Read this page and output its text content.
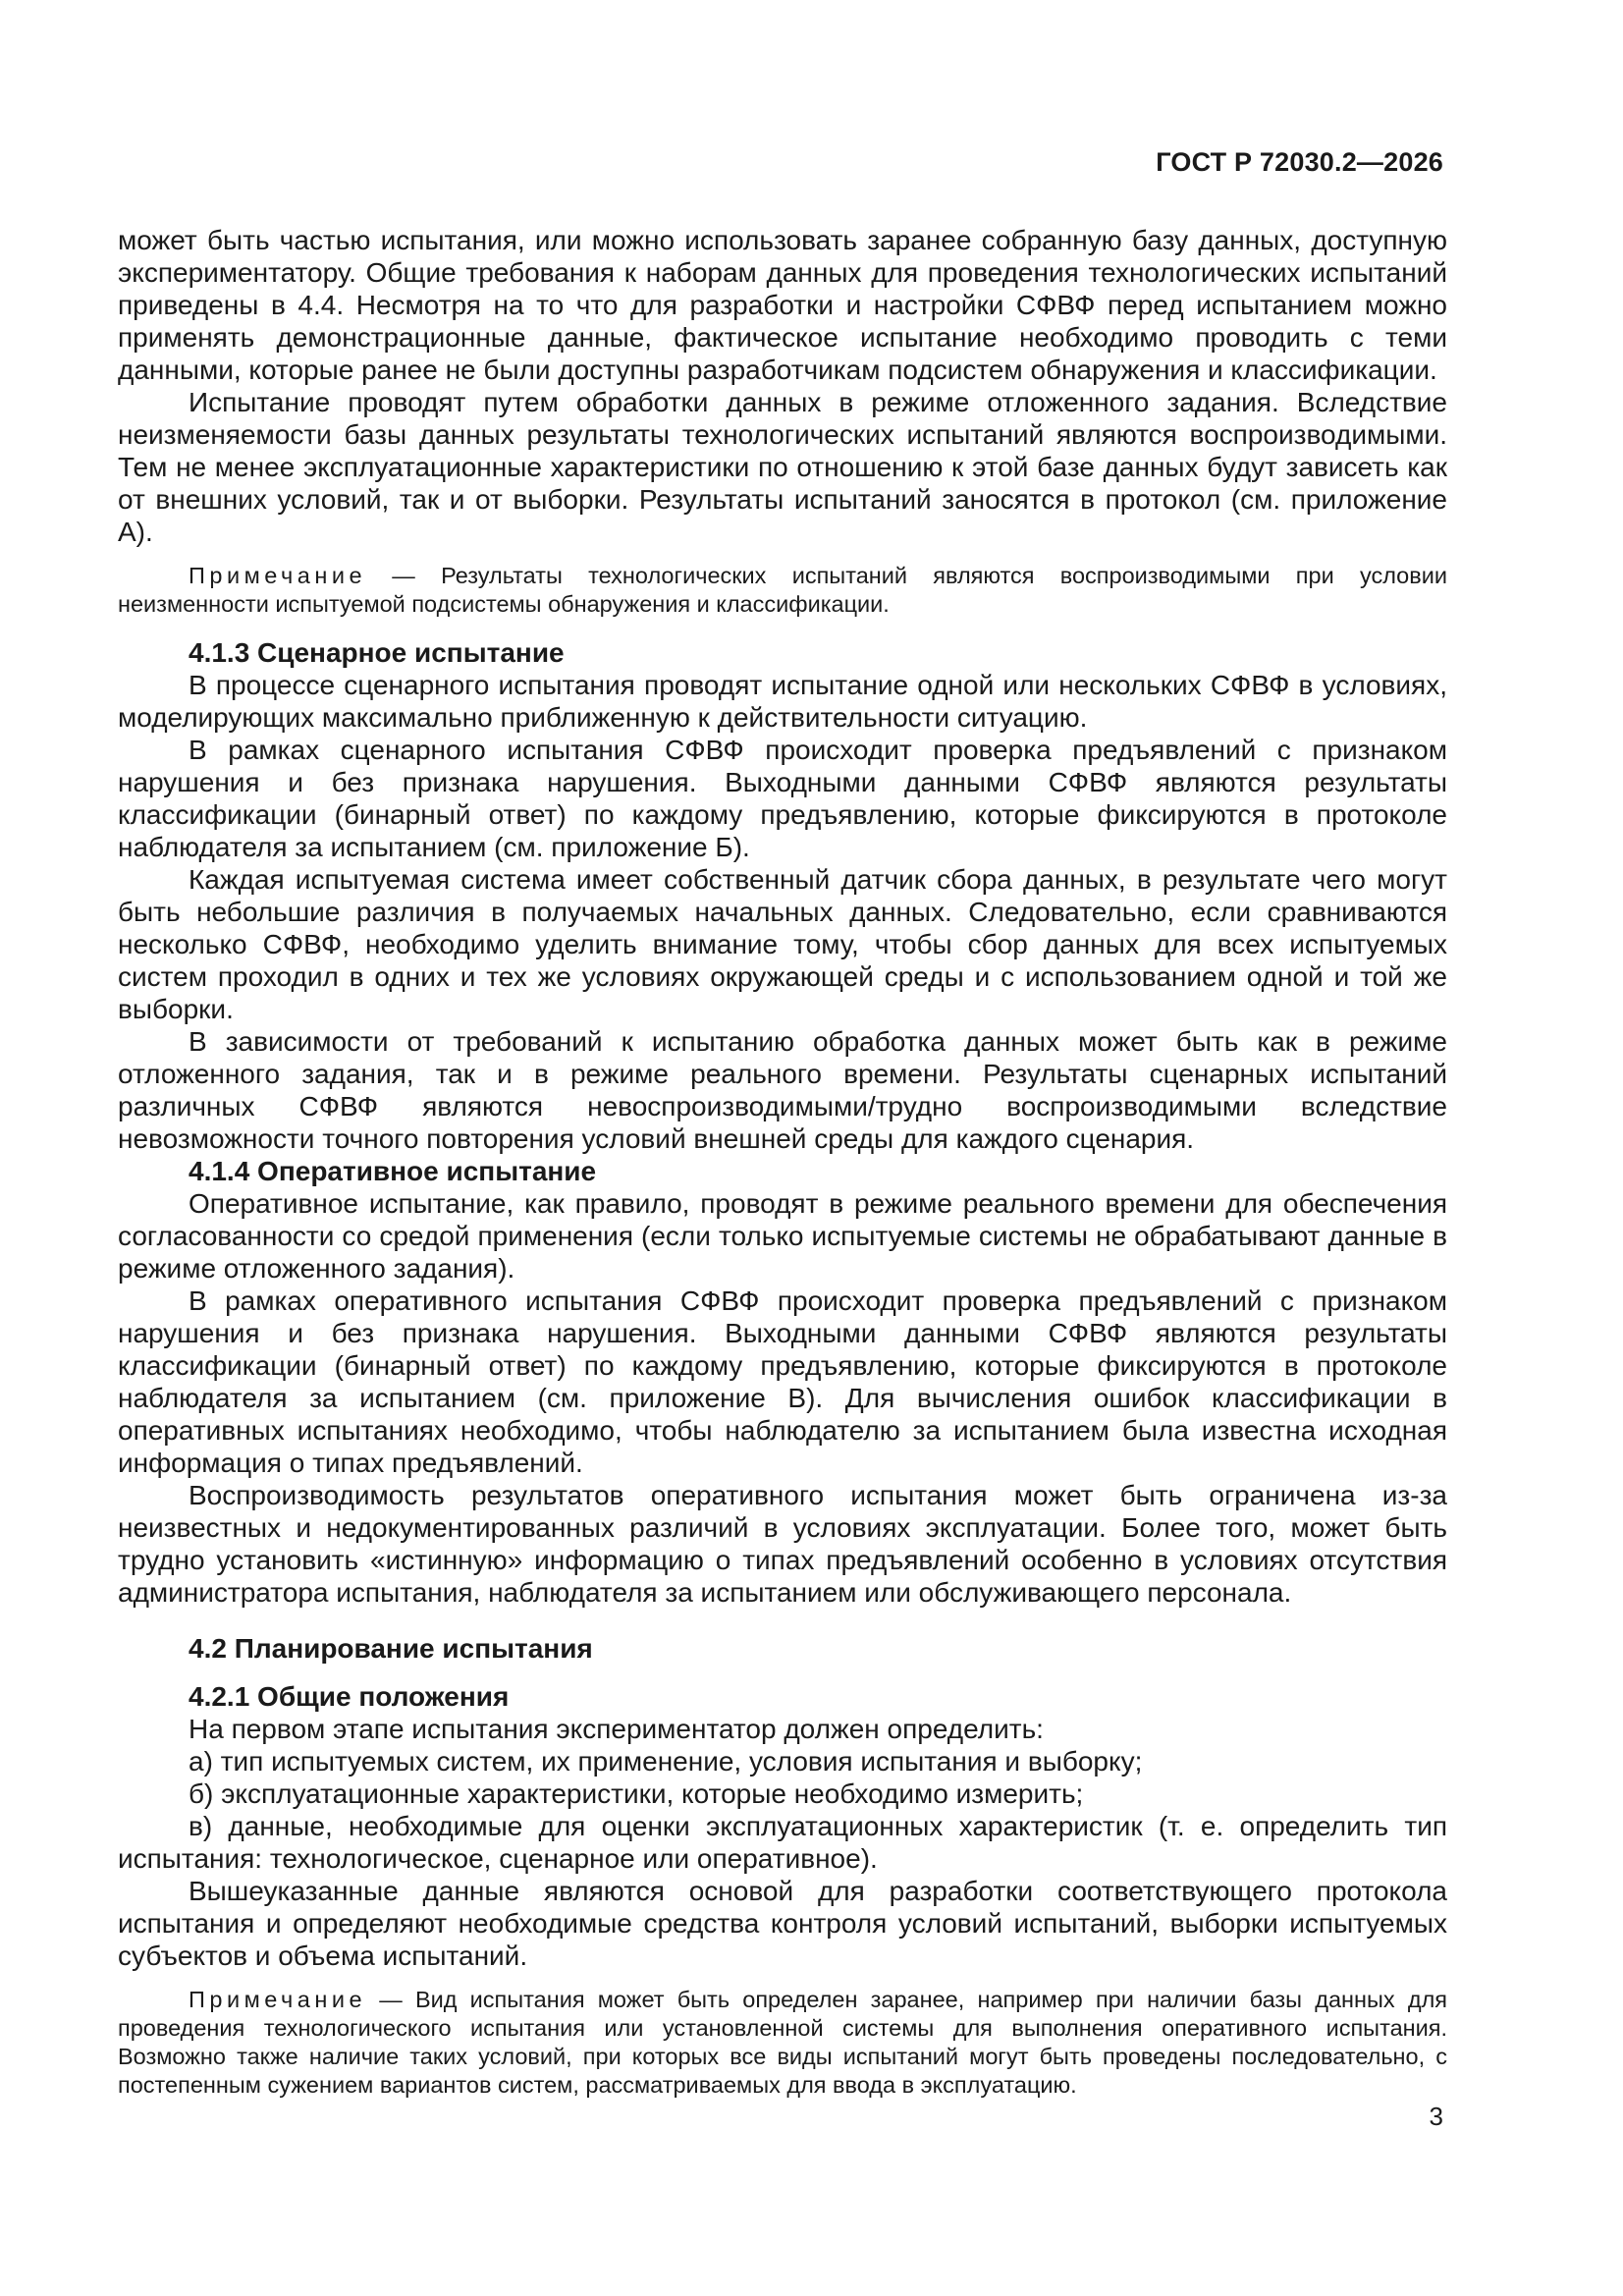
ГОСТ Р 72030.2—2026

может быть частью испытания, или можно использовать заранее собранную базу данных, доступную экспериментатору. Общие требования к наборам данных для проведения технологических испытаний приведены в 4.4. Несмотря на то что для разработки и настройки СФВФ перед испытанием можно применять демонстрационные данные, фактическое испытание необходимо проводить с теми данными, которые ранее не были доступны разработчикам подсистем обнаружения и классификации.

Испытание проводят путем обработки данных в режиме отложенного задания. Вследствие неизменяемости базы данных результаты технологических испытаний являются воспроизводимыми. Тем не менее эксплуатационные характеристики по отношению к этой базе данных будут зависеть как от внешних условий, так и от выборки. Результаты испытаний заносятся в протокол (см. приложение А).

Примечание — Результаты технологических испытаний являются воспроизводимыми при условии неизменности испытуемой подсистемы обнаружения и классификации.

4.1.3 Сценарное испытание

В процессе сценарного испытания проводят испытание одной или нескольких СФВФ в условиях, моделирующих максимально приближенную к действительности ситуацию.

В рамках сценарного испытания СФВФ происходит проверка предъявлений с признаком нарушения и без признака нарушения. Выходными данными СФВФ являются результаты классификации (бинарный ответ) по каждому предъявлению, которые фиксируются в протоколе наблюдателя за испытанием (см. приложение Б).

Каждая испытуемая система имеет собственный датчик сбора данных, в результате чего могут быть небольшие различия в получаемых начальных данных. Следовательно, если сравниваются несколько СФВФ, необходимо уделить внимание тому, чтобы сбор данных для всех испытуемых систем проходил в одних и тех же условиях окружающей среды и с использованием одной и той же выборки.

В зависимости от требований к испытанию обработка данных может быть как в режиме отложенного задания, так и в режиме реального времени. Результаты сценарных испытаний различных СФВФ являются невоспроизводимыми/трудно воспроизводимыми вследствие невозможности точного повторения условий внешней среды для каждого сценария.

4.1.4 Оперативное испытание

Оперативное испытание, как правило, проводят в режиме реального времени для обеспечения согласованности со средой применения (если только испытуемые системы не обрабатывают данные в режиме отложенного задания).

В рамках оперативного испытания СФВФ происходит проверка предъявлений с признаком нарушения и без признака нарушения. Выходными данными СФВФ являются результаты классификации (бинарный ответ) по каждому предъявлению, которые фиксируются в протоколе наблюдателя за испытанием (см. приложение В). Для вычисления ошибок классификации в оперативных испытаниях необходимо, чтобы наблюдателю за испытанием была известна исходная информация о типах предъявлений.

Воспроизводимость результатов оперативного испытания может быть ограничена из-за неизвестных и недокументированных различий в условиях эксплуатации. Более того, может быть трудно установить «истинную» информацию о типах предъявлений особенно в условиях отсутствия администратора испытания, наблюдателя за испытанием или обслуживающего персонала.

4.2 Планирование испытания

4.2.1 Общие положения

На первом этапе испытания экспериментатор должен определить:

а) тип испытуемых систем, их применение, условия испытания и выборку;

б) эксплуатационные характеристики, которые необходимо измерить;

в) данные, необходимые для оценки эксплуатационных характеристик (т. е. определить тип испытания: технологическое, сценарное или оперативное).

Вышеуказанные данные являются основой для разработки соответствующего протокола испытания и определяют необходимые средства контроля условий испытаний, выборки испытуемых субъектов и объема испытаний.

Примечание — Вид испытания может быть определен заранее, например при наличии базы данных для проведения технологического испытания или установленной системы для выполнения оперативного испытания. Возможно также наличие таких условий, при которых все виды испытаний могут быть проведены последовательно, с постепенным сужением вариантов систем, рассматриваемых для ввода в эксплуатацию.

3
